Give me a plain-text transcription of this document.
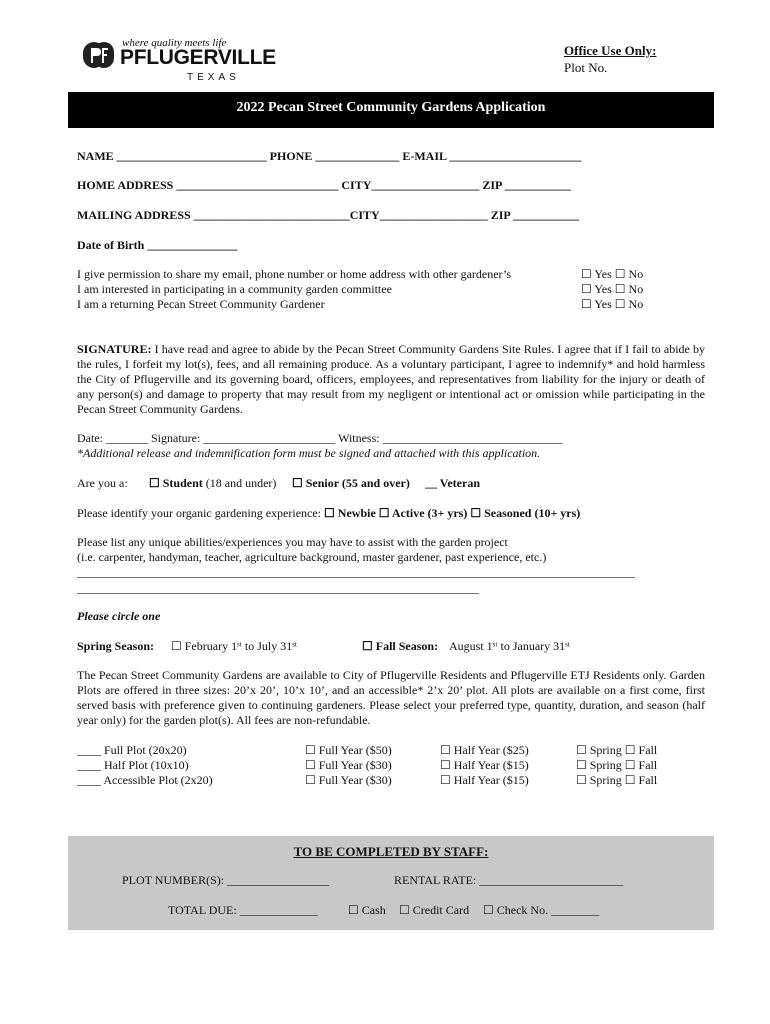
where quality meets life
PFLUGERVILLE
TEXAS
Office Use Only:
Plot No.
2022 Pecan Street Community Gardens Application
NAME _________________________ PHONE ______________ E-MAIL ______________________
HOME ADDRESS ___________________________ CITY__________________ ZIP ___________
MAILING ADDRESS __________________________CITY__________________ ZIP ___________
Date of Birth _______________
I give permission to share my email, phone number or home address with other gardener’s	☐ Yes ☐ No
I am interested in participating in a community garden committee	☐ Yes ☐ No
I am a returning Pecan Street Community Gardener	☐ Yes ☐ No
SIGNATURE: I have read and agree to abide by the Pecan Street Community Gardens Site Rules. I agree that if I fail to abide by the rules, I forfeit my lot(s), fees, and all remaining produce. As a voluntary participant, I agree to indemnify* and hold harmless the City of Pflugerville and its governing board, officers, employees, and representatives from liability for the injury or death of any person(s) and damage to property that may result from my negligent or intentional act or omission while participating in the Pecan Street Community Gardens.
Date: _______ Signature: ______________________ Witness: ______________________________
*Additional release and indemnification form must be signed and attached with this application.
Are you a: ☐ Student (18 and under) ☐ Senior (55 and over) __ Veteran
Please identify your organic gardening experience: ☐ Newbie ☐ Active (3+ yrs) ☐ Seasoned (10+ yrs)
Please list any unique abilities/experiences you may have to assist with the garden project
(i.e. carpenter, handyman, teacher, agriculture background, master gardener, past experience, etc.)
_____________________________________________________________________________________________
___________________________________________________________________
Please circle one
Spring Season: ☐ February 1ˢᵗ to July 31ˢᵗ	☐ Fall Season: August 1ˢᵗ to January 31ˢᵗ
The Pecan Street Community Gardens are available to City of Pflugerville Residents and Pflugerville ETJ Residents only. Garden Plots are offered in three sizes: 20’x 20’, 10’x 10’, and an accessible* 2’x 20’ plot. All plots are available on a first come, first served basis with preference given to continuing gardeners. Please select your preferred type, quantity, duration, and season (half year only) for the garden plot(s). All fees are non-refundable.
____ Full Plot (20x20)	☐ Full Year ($50)	☐ Half Year ($25)	☐ Spring ☐ Fall
____ Half Plot (10x10)	☐ Full Year ($30)	☐ Half Year ($15)	☐ Spring ☐ Fall
____ Accessible Plot (2x20)	☐ Full Year ($30)	☐ Half Year ($15)	☐ Spring ☐ Fall
TO BE COMPLETED BY STAFF:
PLOT NUMBER(S): _________________	RENTAL RATE: ________________________
TOTAL DUE: _____________	☐ Cash ☐ Credit Card ☐ Check No. ________
